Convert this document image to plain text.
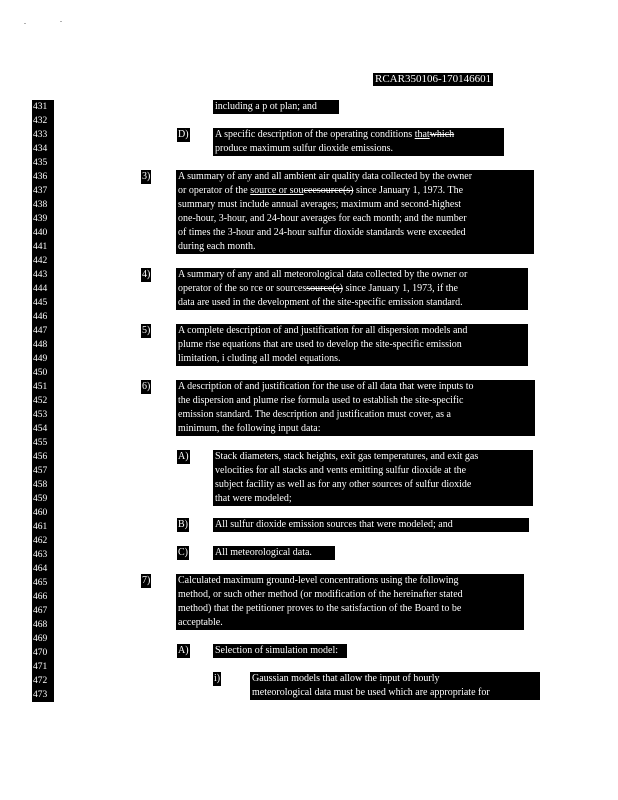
RCAR350106-170146601
431
432
433
434
435
436
437
438
439
440
441
442
443
444
445
446
447
448
449
450
451
452
453
454
455
456
457
458
459
460
461
462
463
464
465
466
467
468
469
470
471
472
473
including a p ot plan; and
D)	A specific description of the operating conditions thatwhich
produce maximum sulfur dioxide emissions.
3)	A summary of any and all ambient air quality data collected by the owner
or operator of the source or souceesource(s) since January 1, 1973. The
summary must include annual averages; maximum and second-highest
one-hour, 3-hour, and 24-hour averages for each month; and the number
of times the 3-hour and 24-hour sulfur dioxide standards were exceeded
during each month.
4)	A summary of any and all meteorological data collected by the owner or
operator of the so rce or sourcessource(s) since January 1, 1973, if the
data are used in the development of the site-specific emission standard.
5)	A complete description of and justification for all dispersion models and
plume rise equations that are used to develop the site-specific emission
limitation, i cluding all model equations.
6)	A description of and justification for the use of all data that were inputs to
the dispersion and plume rise formula used to establish the site-specific
emission standard. The description and justification must cover, as a
minimum, the following input data:
A)	Stack diameters, stack heights, exit gas temperatures, and exit gas
velocities for all stacks and vents emitting sulfur dioxide at the
subject facility as well as for any other sources of sulfur dioxide
that were modeled;
B)	All sulfur dioxide emission sources that were modeled; and
C)	All meteorological data.
7)	Calculated maximum ground-level concentrations using the following
method, or such other method (or modification of the hereinafter stated
method) that the petitioner proves to the satisfaction of the Board to be
acceptable.
A)	Selection of simulation model:
i)	Gaussian models that allow the input of hourly
meteorological data must be used which are appropriate for
